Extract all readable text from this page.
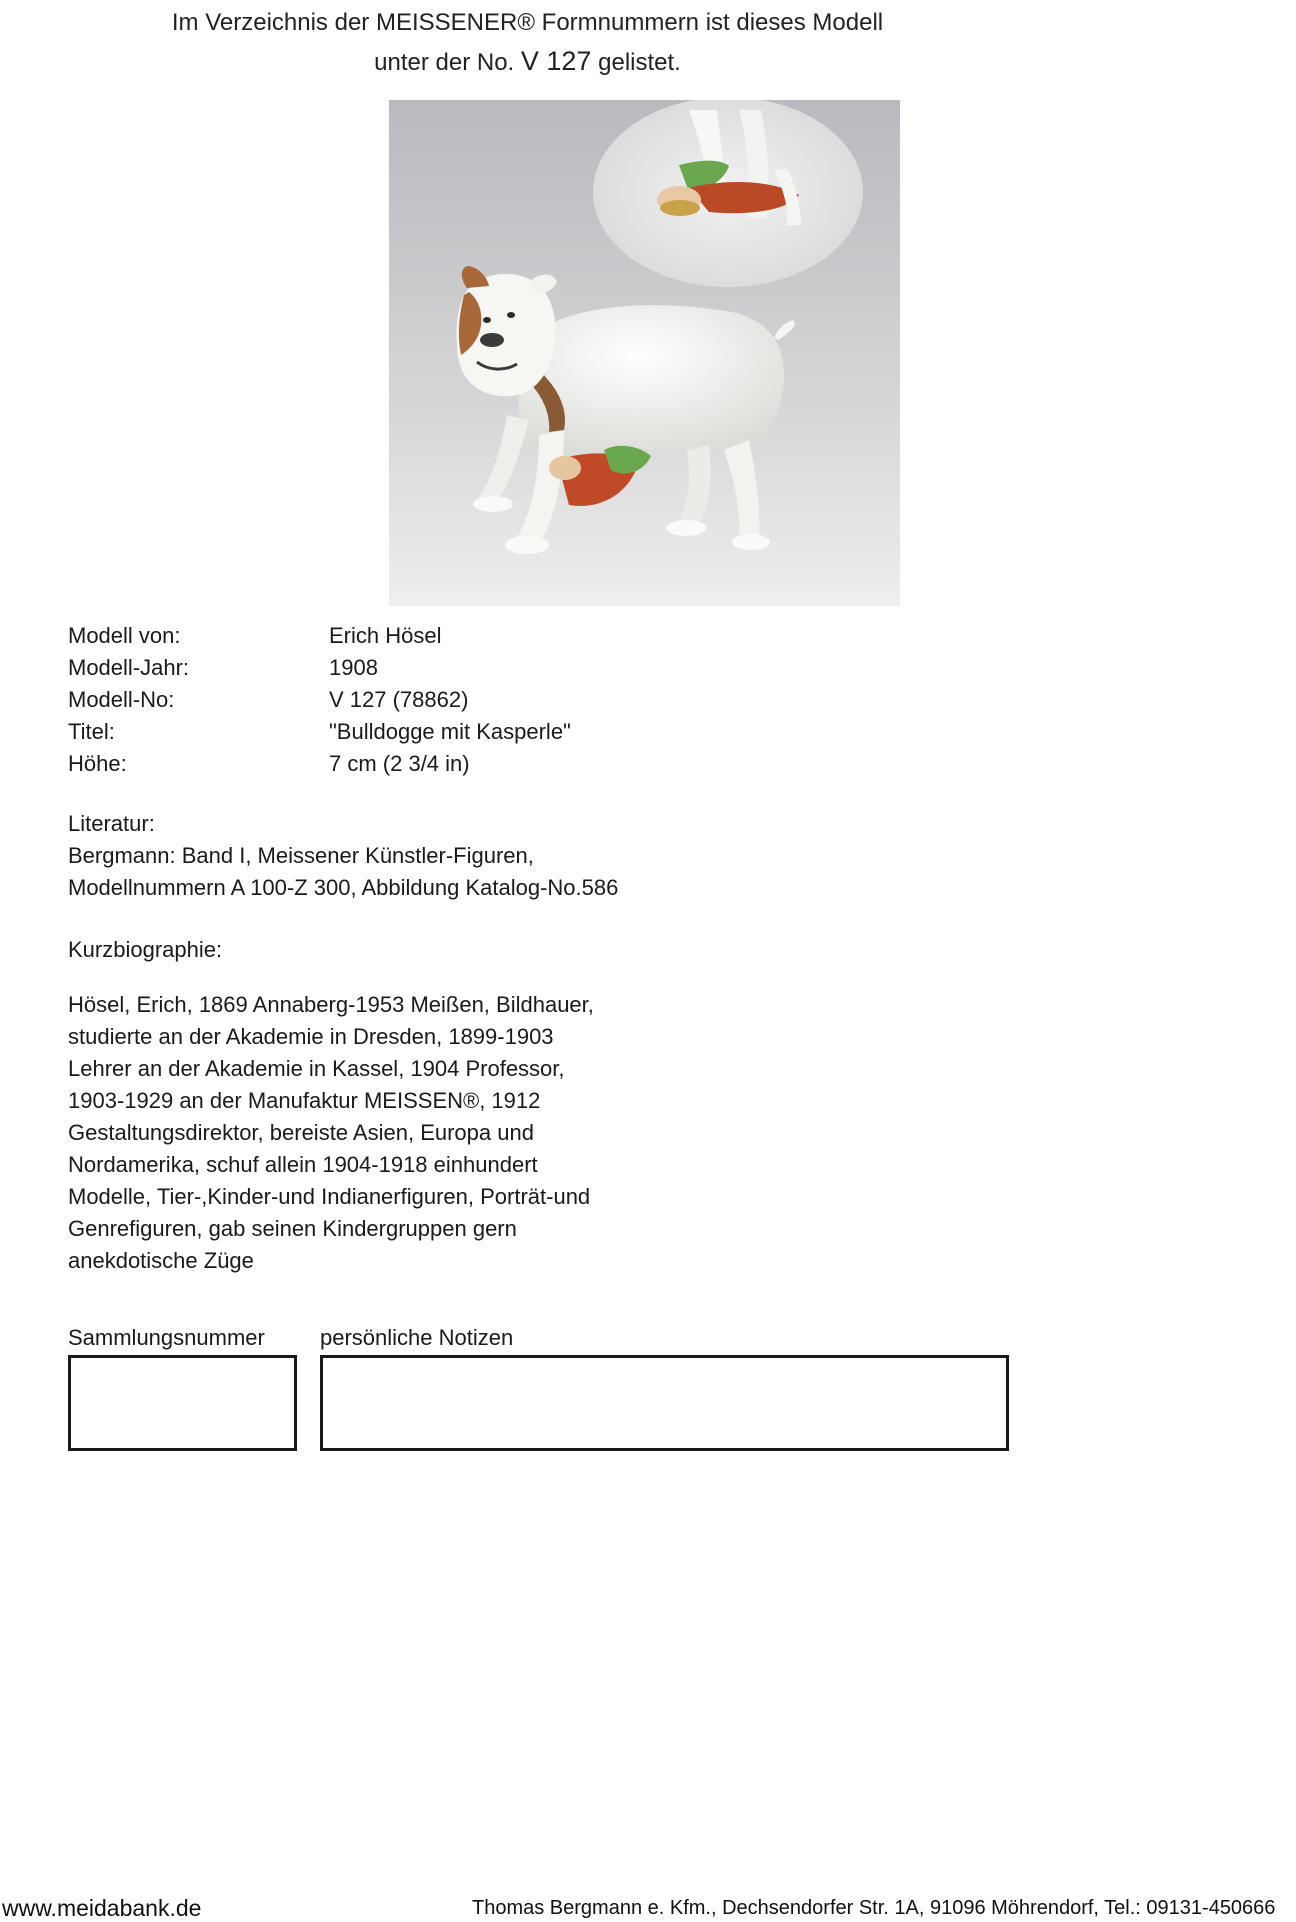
Im Verzeichnis der MEISSENER® Formnummern ist dieses Modell
unter der No. V 127 gelistet.
Modell von:	Erich Hösel
Modell-Jahr:	1908
Modell-No:	V 127 (78862)
Titel:	"Bulldogge mit Kasperle"
Höhe:	7 cm (2 3/4 in)
Literatur:
Bergmann: Band I, Meissener Künstler-Figuren,
Modellnummern A 100-Z 300, Abbildung Katalog-No.586
Kurzbiographie:
Hösel, Erich, 1869 Annaberg-1953 Meißen, Bildhauer,
studierte an der Akademie in Dresden, 1899-1903
Lehrer an der Akademie in Kassel, 1904 Professor,
1903-1929 an der Manufaktur MEISSEN®, 1912
Gestaltungsdirektor, bereiste Asien, Europa und
Nordamerika, schuf allein 1904-1918 einhundert
Modelle, Tier-,Kinder-und Indianerfiguren, Porträt-und
Genrefiguren, gab seinen Kindergruppen gern
anekdotische Züge
Sammlungsnummer	persönliche Notizen
www.meidabank.de	Thomas Bergmann e. Kfm., Dechsendorfer Str. 1A, 91096 Möhrendorf, Tel.: 09131-450666
